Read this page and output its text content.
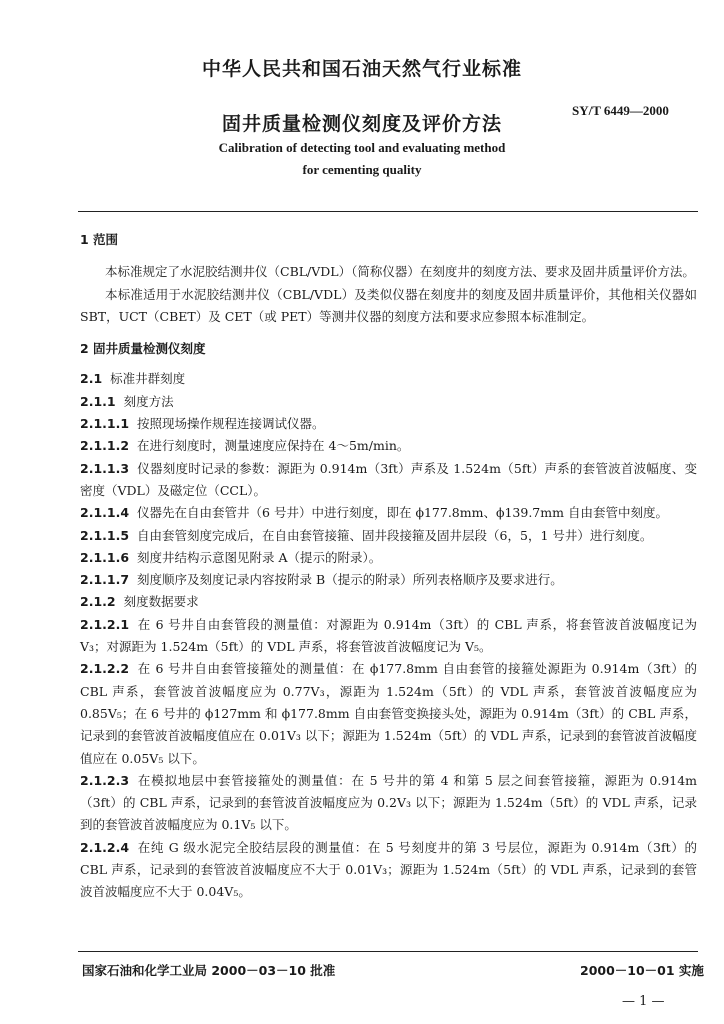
中华人民共和国石油天然气行业标准
SY/T 6449—2000
固井质量检测仪刻度及评价方法
Calibration of detecting tool and evaluating method
for cementing quality

1 范围

本标准规定了水泥胶结测井仪（CBL/VDL）（简称仪器）在刻度井的刻度方法、要求及固井质量评价方法。

本标准适用于水泥胶结测井仪（CBL/VDL）及类似仪器在刻度井的刻度及固井质量评价，其他相关仪器如 SBT，UCT（CBET）及 CET（或 PET）等测井仪器的刻度方法和要求应参照本标准制定。

2 固井质量检测仪刻度

2.1 标准井群刻度

2.1.1 刻度方法

2.1.1.1 按照现场操作规程连接调试仪器。

2.1.1.2 在进行刻度时，测量速度应保持在 4～5m/min。

2.1.1.3 仪器刻度时记录的参数：源距为 0.914m（3ft）声系及 1.524m（5ft）声系的套管波首波幅度、变密度（VDL）及磁定位（CCL）。

2.1.1.4 仪器先在自由套管井（6 号井）中进行刻度，即在 ϕ177.8mm、ϕ139.7mm 自由套管中刻度。

2.1.1.5 自由套管刻度完成后，在自由套管接箍、固井段接箍及固井层段（6，5，1 号井）进行刻度。

2.1.1.6 刻度井结构示意图见附录 A（提示的附录）。

2.1.1.7 刻度顺序及刻度记录内容按附录 B（提示的附录）所列表格顺序及要求进行。

2.1.2 刻度数据要求

2.1.2.1 在 6 号井自由套管段的测量值：对源距为 0.914m（3ft）的 CBL 声系，将套管波首波幅度记为 V₃；对源距为 1.524m（5ft）的 VDL 声系，将套管波首波幅度记为 V₅。

2.1.2.2 在 6 号井自由套管接箍处的测量值：在 ϕ177.8mm 自由套管的接箍处源距为 0.914m（3ft）的 CBL 声系，套管波首波幅度应为 0.77V₃，源距为 1.524m（5ft）的 VDL 声系，套管波首波幅度应为 0.85V₅；在 6 号井的 ϕ127mm 和 ϕ177.8mm 自由套管变换接头处，源距为 0.914m（3ft）的 CBL 声系，记录到的套管波首波幅度值应在 0.01V₃ 以下；源距为 1.524m（5ft）的 VDL 声系，记录到的套管波首波幅度值应在 0.05V₅ 以下。

2.1.2.3 在模拟地层中套管接箍处的测量值：在 5 号井的第 4 和第 5 层之间套管接箍，源距为 0.914m（3ft）的 CBL 声系，记录到的套管波首波幅度应为 0.2V₃ 以下；源距为 1.524m（5ft）的 VDL 声系，记录到的套管波首波幅度应为 0.1V₅ 以下。

2.1.2.4 在纯 G 级水泥完全胶结层段的测量值：在 5 号刻度井的第 3 号层位，源距为 0.914m（3ft）的 CBL 声系，记录到的套管波首波幅度应不大于 0.01V₃；源距为 1.524m（5ft）的 VDL 声系，记录到的套管波首波幅度应不大于 0.04V₅。

国家石油和化学工业局 2000－03－10 批准	2000－10－01 实施
— 1 —
